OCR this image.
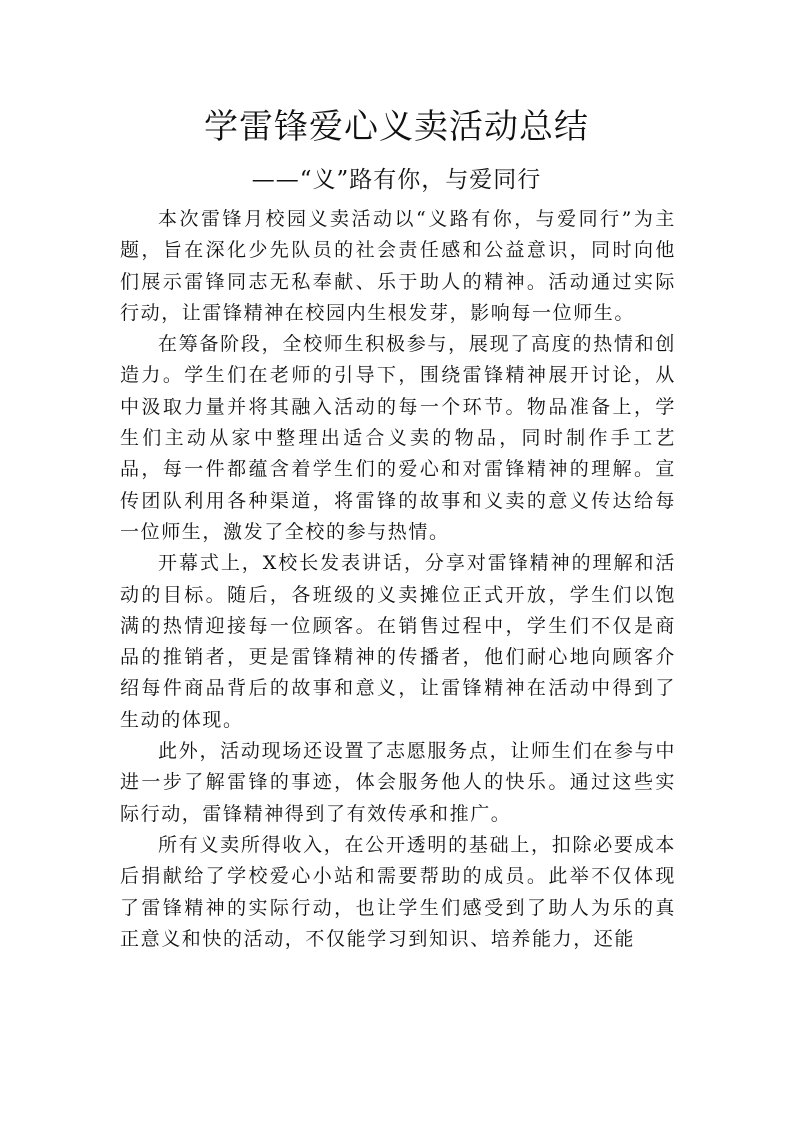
学雷锋爱心义卖活动总结
——“义”路有你，与爱同行

本次雷锋月校园义卖活动以“义路有你，与爱同行”为主题，旨在深化少先队员的社会责任感和公益意识，同时向他们展示雷锋同志无私奉献、乐于助人的精神。活动通过实际行动，让雷锋精神在校园内生根发芽，影响每一位师生。

在筹备阶段，全校师生积极参与，展现了高度的热情和创造力。学生们在老师的引导下，围绕雷锋精神展开讨论，从中汲取力量并将其融入活动的每一个环节。物品准备上，学生们主动从家中整理出适合义卖的物品，同时制作手工艺品，每一件都蕴含着学生们的爱心和对雷锋精神的理解。宣传团队利用各种渠道，将雷锋的故事和义卖的意义传达给每一位师生，激发了全校的参与热情。

开幕式上，X校长发表讲话，分享对雷锋精神的理解和活动的目标。随后，各班级的义卖摊位正式开放，学生们以饱满的热情迎接每一位顾客。在销售过程中，学生们不仅是商品的推销者，更是雷锋精神的传播者，他们耐心地向顾客介绍每件商品背后的故事和意义，让雷锋精神在活动中得到了生动的体现。

此外，活动现场还设置了志愿服务点，让师生们在参与中进一步了解雷锋的事迹，体会服务他人的快乐。通过这些实际行动，雷锋精神得到了有效传承和推广。

所有义卖所得收入，在公开透明的基础上，扣除必要成本后捐献给了学校爱心小站和需要帮助的成员。此举不仅体现了雷锋精神的实际行动，也让学生们感受到了助人为乐的真正意义和快的活动，不仅能学习到知识、培养能力，还能
